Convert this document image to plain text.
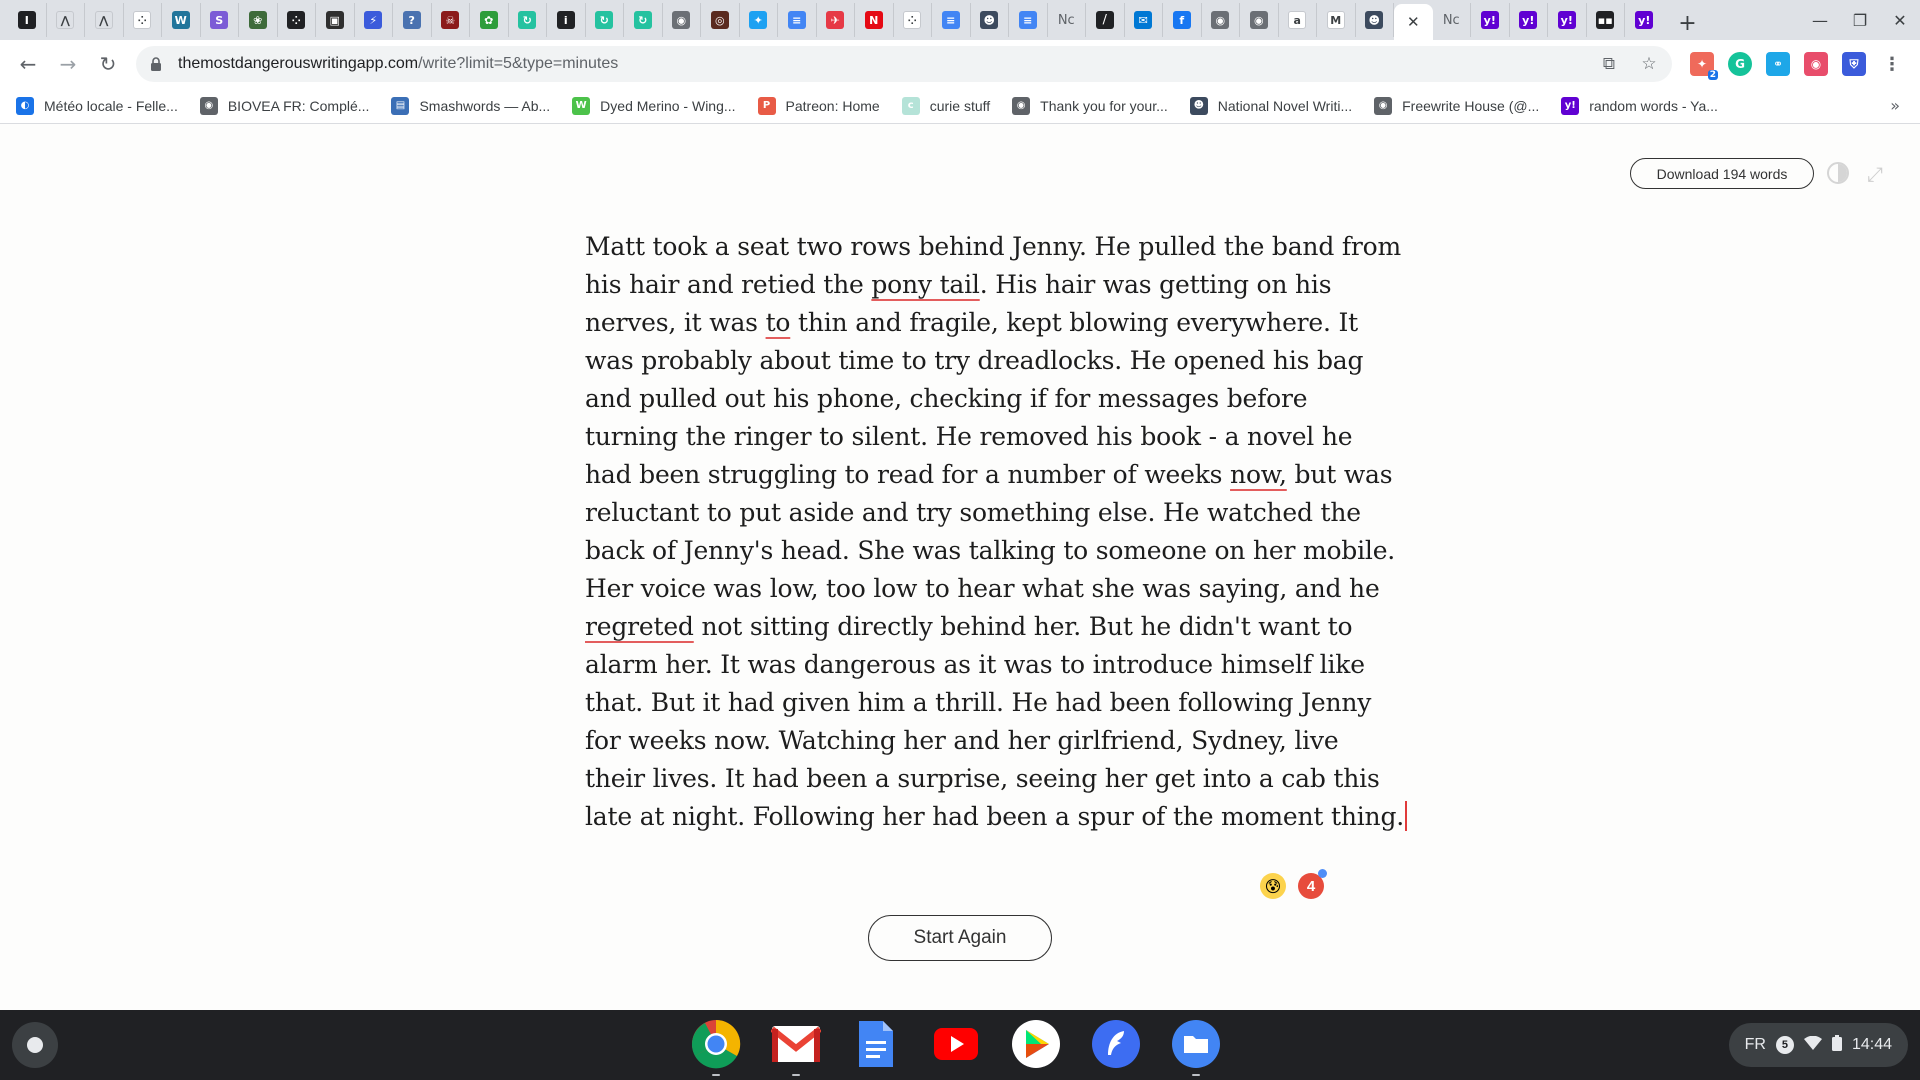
I	⋀	⋀	⁘	W	S	❀	⁘	▣	⚡	?	☠	✿	↻	i	↻	↻	◉	◎	✦	≡	✈	N	⁘	≡	☻	≡	Nc	⧸	✉	f	◉	◉	a	M	☻ ✕ Nc y! y! y! ▪▪ y!	+	—	❐	✕
←	→	↻	themostdangerouswritingapp.com/write?limit=5&type=minutes	⧉ ☆	✦
2
G	⚭	◉	⛨	⋮
◐	Météo locale - Felle...	◉	BIOVEA FR: Complé...	▤	Smashwords — Ab...	W Dyed Merino - Wing...	P	Patreon: Home	c	curie stuff	◉	Thank you for your...	☻ National Novel Writi...	◉	Freewrite House (@...	y! random words - Ya...	»
Download 194 words	⤢
Matt took a seat two rows behind Jenny. He pulled the band from
his hair and retied the pony tail. His hair was getting on his
nerves, it was to thin and fragile, kept blowing everywhere. It
was probably about time to try dreadlocks. He opened his bag
and pulled out his phone, checking if for messages before
turning the ringer to silent. He removed his book - a novel he
had been struggling to read for a number of weeks now, but was
reluctant to put aside and try something else. He watched the
back of Jenny's head. She was talking to someone on her mobile.
Her voice was low, too low to hear what she was saying, and he
regreted not sitting directly behind her. But he didn't want to
alarm her. It was dangerous as it was to introduce himself like
that. But it had given him a thrill. He had been following Jenny
for weeks now. Watching her and her girlfriend, Sydney, live
their lives. It had been a surprise, seeing her get into a cab this
late at night. Following her had been a spur of the moment thing.
😰	4
Start Again
FR	5	14:44
